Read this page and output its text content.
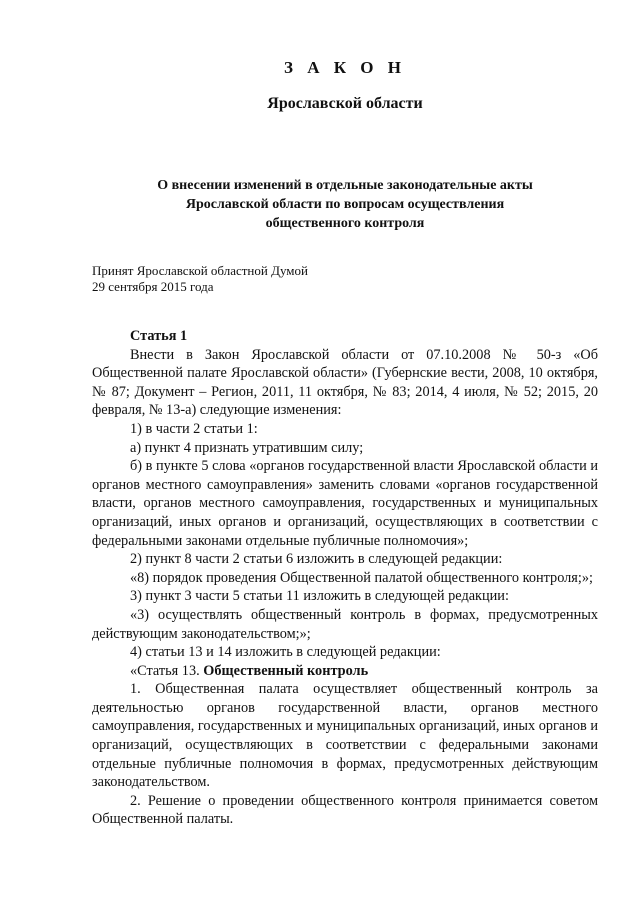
З А К О Н
Ярославской области
О внесении изменений в отдельные законодательные акты
Ярославской области по вопросам осуществления
общественного контроля
Принят Ярославской областной Думой
29 сентября 2015 года

Статья 1

Внести в Закон Ярославской области от 07.10.2008 № 50-з «Об Общественной палате Ярославской области» (Губернские вести, 2008, 10 октября, № 87; Документ – Регион, 2011, 11 октября, № 83; 2014, 4 июля, № 52; 2015, 20 февраля, № 13-а) следующие изменения:

1) в части 2 статьи 1:

а) пункт 4 признать утратившим силу;

б) в пункте 5 слова «органов государственной власти Ярославской области и органов местного самоуправления» заменить словами «органов государственной власти, органов местного самоуправления, государственных и муниципальных организаций, иных органов и организаций, осуществляющих в соответствии с федеральными законами отдельные публичные полномочия»;

2) пункт 8 части 2 статьи 6 изложить в следующей редакции:

«8) порядок проведения Общественной палатой общественного контроля;»;

3) пункт 3 части 5 статьи 11 изложить в следующей редакции:

«3) осуществлять общественный контроль в формах, предусмотренных действующим законодательством;»;

4) статьи 13 и 14 изложить в следующей редакции:

«Статья 13. Общественный контроль

1. Общественная палата осуществляет общественный контроль за деятельностью органов государственной власти, органов местного самоуправления, государственных и муниципальных организаций, иных органов и организаций, осуществляющих в соответствии с федеральными законами отдельные публичные полномочия в формах, предусмотренных действующим законодательством.

2. Решение о проведении общественного контроля принимается советом Общественной палаты.
